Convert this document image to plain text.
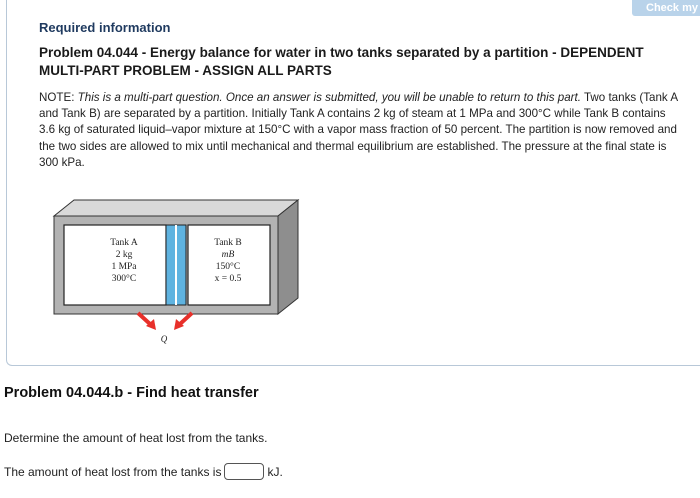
Check my
Required information
Problem 04.044 - Energy balance for water in two tanks separated by a partition - DEPENDENT MULTI-PART PROBLEM - ASSIGN ALL PARTS
NOTE: This is a multi-part question. Once an answer is submitted, you will be unable to return to this part. Two tanks (Tank A and Tank B) are separated by a partition. Initially Tank A contains 2 kg of steam at 1 MPa and 300°C while Tank B contains 3.6 kg of saturated liquid–vapor mixture at 150°C with a vapor mass fraction of 50 percent. The partition is now removed and the two sides are allowed to mix until mechanical and thermal equilibrium are established. The pressure at the final state is 300 kPa.
Tank A
2 kg
1 MPa
300°C
Tank B
mB
150°C
x = 0.5
Q
Problem 04.044.b - Find heat transfer
Determine the amount of heat lost from the tanks.
The amount of heat lost from the tanks is	kJ.
